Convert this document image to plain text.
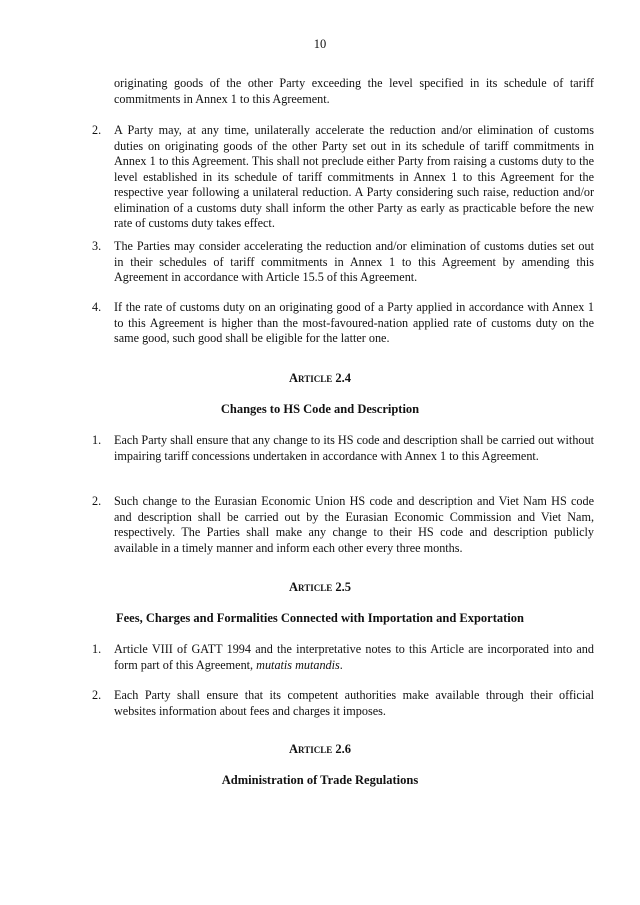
10
originating goods of the other Party exceeding the level specified in its schedule of tariff commitments in Annex 1 to this Agreement.
2.	A Party may, at any time, unilaterally accelerate the reduction and/or elimination of customs duties on originating goods of the other Party set out in its schedule of tariff commitments in Annex 1 to this Agreement. This shall not preclude either Party from raising a customs duty to the level established in its schedule of tariff commitments in Annex 1 to this Agreement for the respective year following a unilateral reduction. A Party considering such raise, reduction and/or elimination of a customs duty shall inform the other Party as early as practicable before the new rate of customs duty takes effect.
3.	The Parties may consider accelerating the reduction and/or elimination of customs duties set out in their schedules of tariff commitments in Annex 1 to this Agreement by amending this Agreement in accordance with Article 15.5 of this Agreement.
4.	If the rate of customs duty on an originating good of a Party applied in accordance with Annex 1 to this Agreement is higher than the most-favoured-nation applied rate of customs duty on the same good, such good shall be eligible for the latter one.
Article 2.4
Changes to HS Code and Description
1.	Each Party shall ensure that any change to its HS code and description shall be carried out without impairing tariff concessions undertaken in accordance with Annex 1 to this Agreement.
2.	Such change to the Eurasian Economic Union HS code and description and Viet Nam HS code and description shall be carried out by the Eurasian Economic Commission and Viet Nam, respectively. The Parties shall make any change to their HS code and description publicly available in a timely manner and inform each other every three months.
Article 2.5
Fees, Charges and Formalities Connected with Importation and Exportation
1.	Article VIII of GATT 1994 and the interpretative notes to this Article are incorporated into and form part of this Agreement, mutatis mutandis.
2.	Each Party shall ensure that its competent authorities make available through their official websites information about fees and charges it imposes.
Article 2.6
Administration of Trade Regulations
